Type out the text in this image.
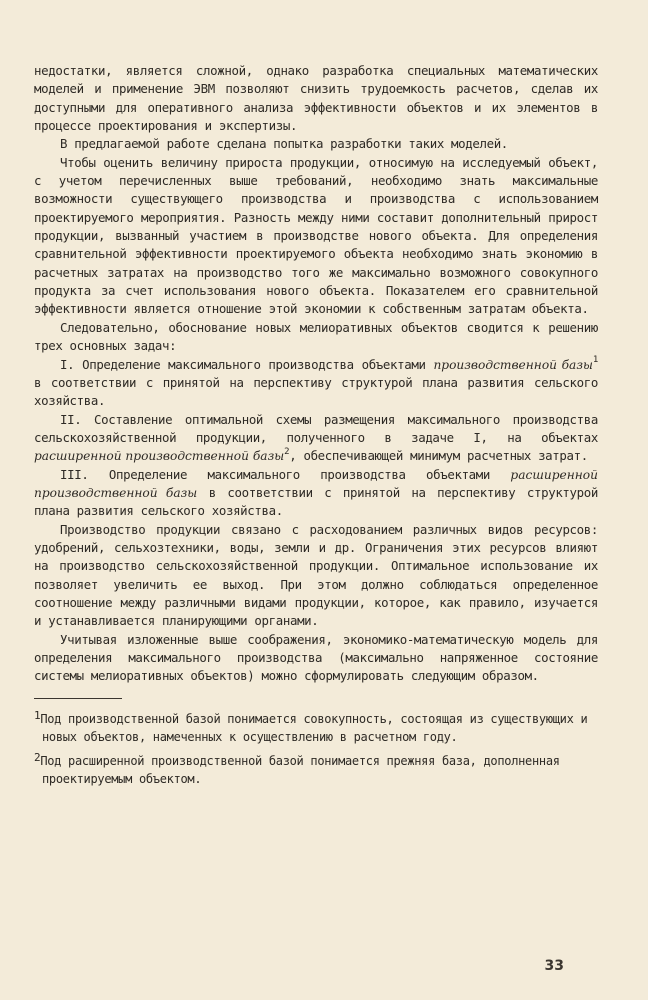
недостатки, является сложной, однако разработка специальных математических моделей и применение ЭВМ позволяют снизить трудоемкость расчетов, сделав их доступными для оперативного анализа эффективности объектов и их элементов в процессе проектирования и экспертизы.

В предлагаемой работе сделана попытка разработки таких моделей.

Чтобы оценить величину прироста продукции, относимую на исследуемый объект, с учетом перечисленных выше требований, необходимо знать максимальные возможности существующего производства и производства с использованием проектируемого мероприятия. Разность между ними составит дополнительный прирост продукции, вызванный участием в производстве нового объекта. Для определения сравнительной эффективности проектируемого объекта необходимо знать экономию в расчетных затратах на производство того же максимально возможного совокупного продукта за счет использования нового объекта. Показателем его сравнительной эффективности является отношение этой экономии к собственным затратам объекта.

Следовательно, обоснование новых мелиоративных объектов сводится к решению трех основных задач:

I. Определение максимального производства объектами производственной базы$^1$ в соответствии с принятой на перспективу структурой плана развития сельского хозяйства.

II. Составление оптимальной схемы размещения максимального производства сельскохозяйственной продукции, полученного в задаче I, на объектах расширенной производственной базы$^2$, обеспечивающей минимум расчетных затрат.

III. Определение максимального производства объектами расширенной производственной базы в соответствии с принятой на перспективу структурой плана развития сельского хозяйства.

Производство продукции связано с расходованием различных видов ресурсов: удобрений, сельхозтехники, воды, земли и др. Ограничения этих ресурсов влияют на производство сельскохозяйственной продукции. Оптимальное использование их позволяет увеличить ее выход. При этом должно соблюдаться определенное соотношение между различными видами продукции, которое, как правило, изучается и устанавливается планирующими органами.

Учитывая изложенные выше соображения, экономико-математическую модель для определения максимального производства (максимально напряженное состояние системы мелиоративных объектов) можно сформулировать следующим образом.

1Под производственной базой понимается совокупность, состоящая из существующих и новых объектов, намеченных к осуществлению в расчетном году.

2Под расширенной производственной базой понимается прежняя база, дополненная проектируемым объектом.

33
